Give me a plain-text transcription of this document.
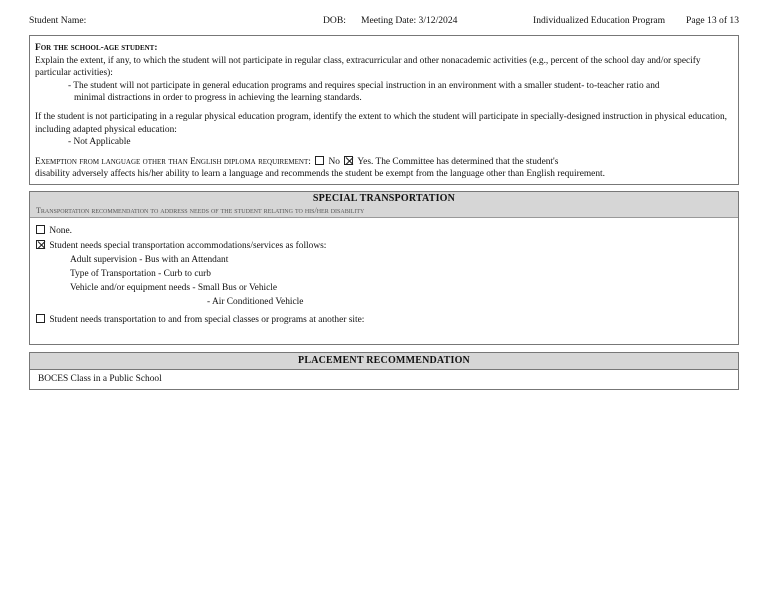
Student Name:	DOB: Meeting Date: 3/12/2024	Individualized Education Program Page 13 of 13

For the school-age student:

Explain the extent, if any, to which the student will not participate in regular class, extracurricular and other nonacademic activities (e.g., percent of the school day and/or specify particular activities):

- The student will not participate in general education programs and requires special instruction in an environment with a smaller student- to-teacher ratio and

minimal distractions in order to progress in achieving the learning standards.

If the student is not participating in a regular physical education program, identify the extent to which the student will participate in specially-designed instruction in physical education, including adapted physical education:

- Not Applicable

Exemption from language other than English diploma requirement: No Yes. The Committee has determined that the student's

disability adversely affects his/her ability to learn a language and recommends the student be exempt from the language other than English requirement.

SPECIAL TRANSPORTATION
Transportation recommendation to address needs of the student relating to his/her disability
None.
Student needs special transportation accommodations/services as follows:
Adult supervision - Bus with an Attendant
Type of Transportation - Curb to curb
Vehicle and/or equipment needs - Small Bus or Vehicle
- Air Conditioned Vehicle
Student needs transportation to and from special classes or programs at another site:
PLACEMENT RECOMMENDATION
BOCES Class in a Public School
